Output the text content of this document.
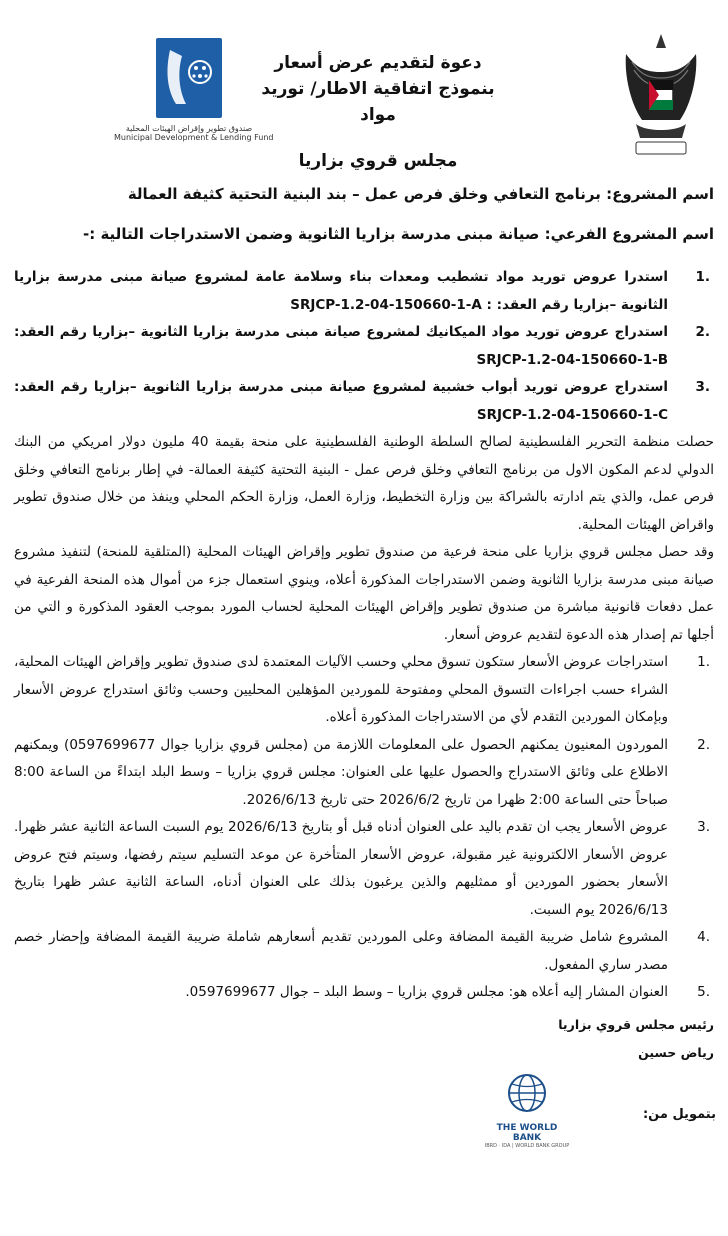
صندوق تطوير وإقراض الهيئات المحلية
Municipal Development & Lending Fund
دعوة لتقديم عرض أسعار
بنموذج اتفاقية الاطار/ توريد مواد
مجلس قروي بزاريا
اسم المشروع: برنامج التعافي وخلق فرص عمل – بند البنية التحتية كثيفة العمالة
اسم المشروع الفرعي: صيانة مبنى مدرسة بزاريا الثانوية وضمن الاستدراجات التالية :-
.1
استدرا عروض توريد مواد تشطيب ومعدات بناء وسلامة عامة لمشروع صيانة مبنى مدرسة بزاريا الثانوية –بزاريا رقم العقد: : SRJCP-1.2-04-150660-1-A
.2
استدراج عروض توريد مواد الميكانيك لمشروع صيانة مبنى مدرسة بزاريا الثانوية –بزاريا رقم العقد: SRJCP-1.2-04-150660-1-B
.3
استدراج عروض توريد أبواب خشبية لمشروع صيانة مبنى مدرسة بزاريا الثانوية –بزاريا رقم العقد: SRJCP-1.2-04-150660-1-C

حصلت منظمة التحرير الفلسطينية لصالح السلطة الوطنية الفلسطينية على منحة بقيمة 40 مليون دولار امريكي من البنك الدولي لدعم المكون الاول من برنامج التعافي وخلق فرص عمل - البنية التحتية كثيفة العمالة- في إطار برنامج التعافي وخلق فرص عمل، والذي يتم ادارته بالشراكة بين وزارة التخطيط، وزارة العمل، وزارة الحكم المحلي وينفذ من خلال صندوق تطوير واقراض الهيئات المحلية.

وقد حصل مجلس قروي بزاريا على منحة فرعية من صندوق تطوير وإقراض الهيئات المحلية (المتلقية للمنحة) لتنفيذ مشروع صيانة مبنى مدرسة بزاريا الثانوية وضمن الاستدراجات المذكورة أعلاه، وينوي استعمال جزء من أموال هذه المنحة الفرعية في عمل دفعات قانونية مباشرة من صندوق تطوير وإقراض الهيئات المحلية لحساب المورد بموجب العقود المذكورة و التي من أجلها تم إصدار هذه الدعوة لتقديم عروض أسعار.

.1
استدراجات عروض الأسعار ستكون تسوق محلي وحسب الآليات المعتمدة لدى صندوق تطوير وإقراض الهيئات المحلية، الشراء حسب اجراءات التسوق المحلي ومفتوحة للموردين المؤهلين المحليين وحسب وثائق استدراج عروض الأسعار وبإمكان الموردين التقدم لأي من الاستدراجات المذكورة أعلاه.
.2
الموردون المعنيون يمكنهم الحصول على المعلومات اللازمة من (مجلس قروي بزاريا جوال 0597699677) ويمكنهم الاطلاع على وثائق الاستدراج والحصول عليها على العنوان: مجلس قروي بزاريا – وسط البلد ابتداءً من الساعة 8:00 صباحاً حتى الساعة 2:00 ظهرا من تاريخ 2026/6/2 حتى تاريخ 2026/6/13.
.3
عروض الأسعار يجب ان تقدم باليد على العنوان أدناه قبل أو بتاريخ 2026/6/13 يوم السبت الساعة الثانية عشر ظهرا. عروض الأسعار الالكترونية غير مقبولة، عروض الأسعار المتأخرة عن موعد التسليم سيتم رفضها، وسيتم فتح عروض الأسعار بحضور الموردين أو ممثليهم والذين يرغبون بذلك على العنوان أدناه، الساعة الثانية عشر ظهرا بتاريخ 2026/6/13 يوم السبت.
.4
المشروع شامل ضريبة القيمة المضافة وعلى الموردين تقديم أسعارهم شاملة ضريبة القيمة المضافة وإحضار خصم مصدر ساري المفعول.
.5
العنوان المشار إليه أعلاه هو: مجلس قروي بزاريا – وسط البلد – جوال 0597699677.
رئيس مجلس قروي بزاريا
رياض حسين
بتمويل من:
THE WORLD BANK
IBRD · IDA | WORLD BANK GROUP
